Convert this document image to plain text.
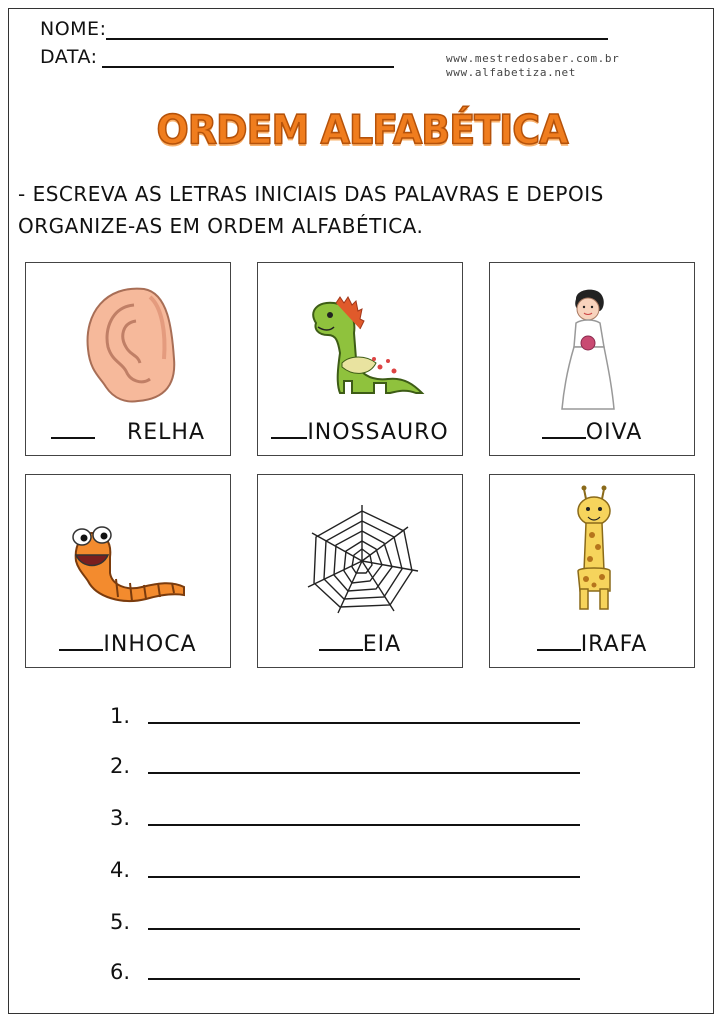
NOME:
DATA:	www.mestredosaber.com.br
www.alfabetiza.net
ORDEM ALFABÉTICA
- ESCREVA AS LETRAS INICIAIS DAS PALAVRAS E DEPOIS
ORGANIZE-AS EM ORDEM ALFABÉTICA.
RELHA	INOSSAURO	OIVA
INHOCA	EIA	IRAFA
1.
2.
3.
4.
5.
6.
